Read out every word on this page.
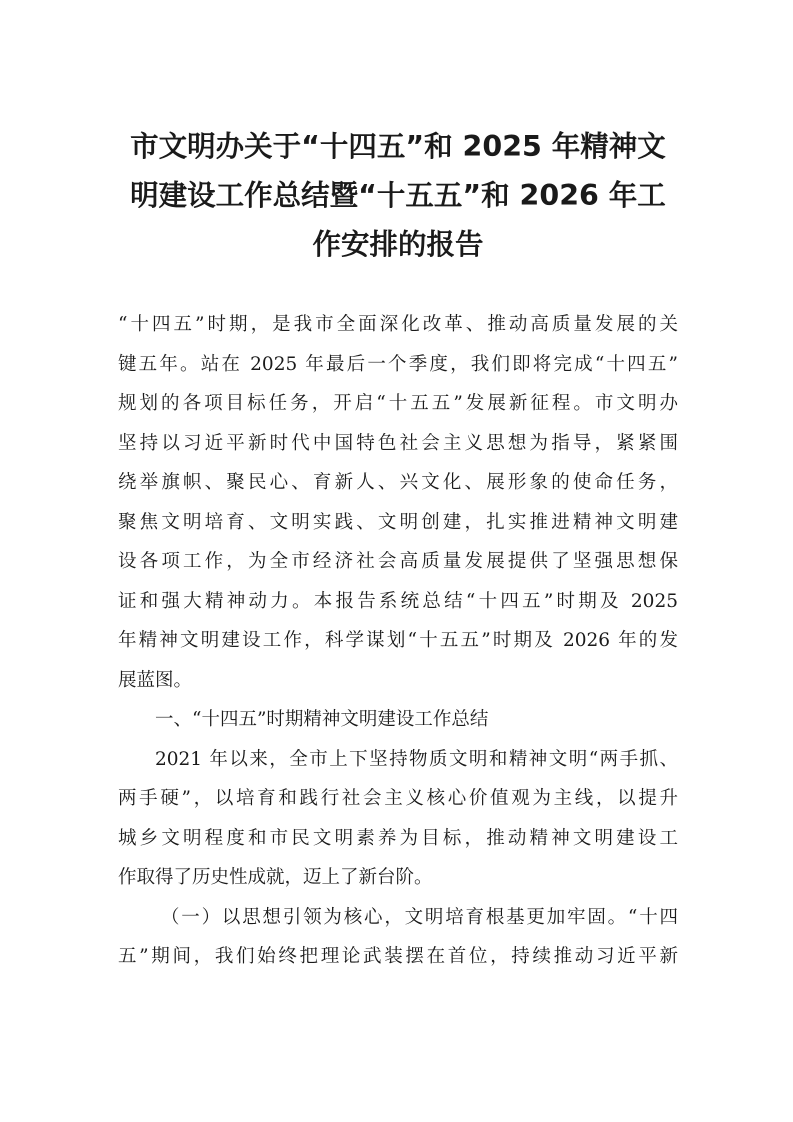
市文明办关于“十四五”和 2025 年精神文
明建设工作总结暨“十五五”和 2026 年工
作安排的报告

“十四五”时期，是我市全面深化改革、推动高质量发展的关
键五年。站在 2025 年最后一个季度，我们即将完成“十四五”
规划的各项目标任务，开启“十五五”发展新征程。市文明办
坚持以习近平新时代中国特色社会主义思想为指导，紧紧围
绕举旗帜、聚民心、育新人、兴文化、展形象的使命任务，
聚焦文明培育、文明实践、文明创建，扎实推进精神文明建
设各项工作，为全市经济社会高质量发展提供了坚强思想保
证和强大精神动力。本报告系统总结“十四五”时期及 2025
年精神文明建设工作，科学谋划“十五五”时期及 2026 年的发
展蓝图。

一、“十四五”时期精神文明建设工作总结

2021 年以来，全市上下坚持物质文明和精神文明“两手抓、
两手硬”，以培育和践行社会主义核心价值观为主线，以提升
城乡文明程度和市民文明素养为目标，推动精神文明建设工
作取得了历史性成就，迈上了新台阶。

（一）以思想引领为核心，文明培育根基更加牢固。“十四
五”期间，我们始终把理论武装摆在首位，持续推动习近平新
